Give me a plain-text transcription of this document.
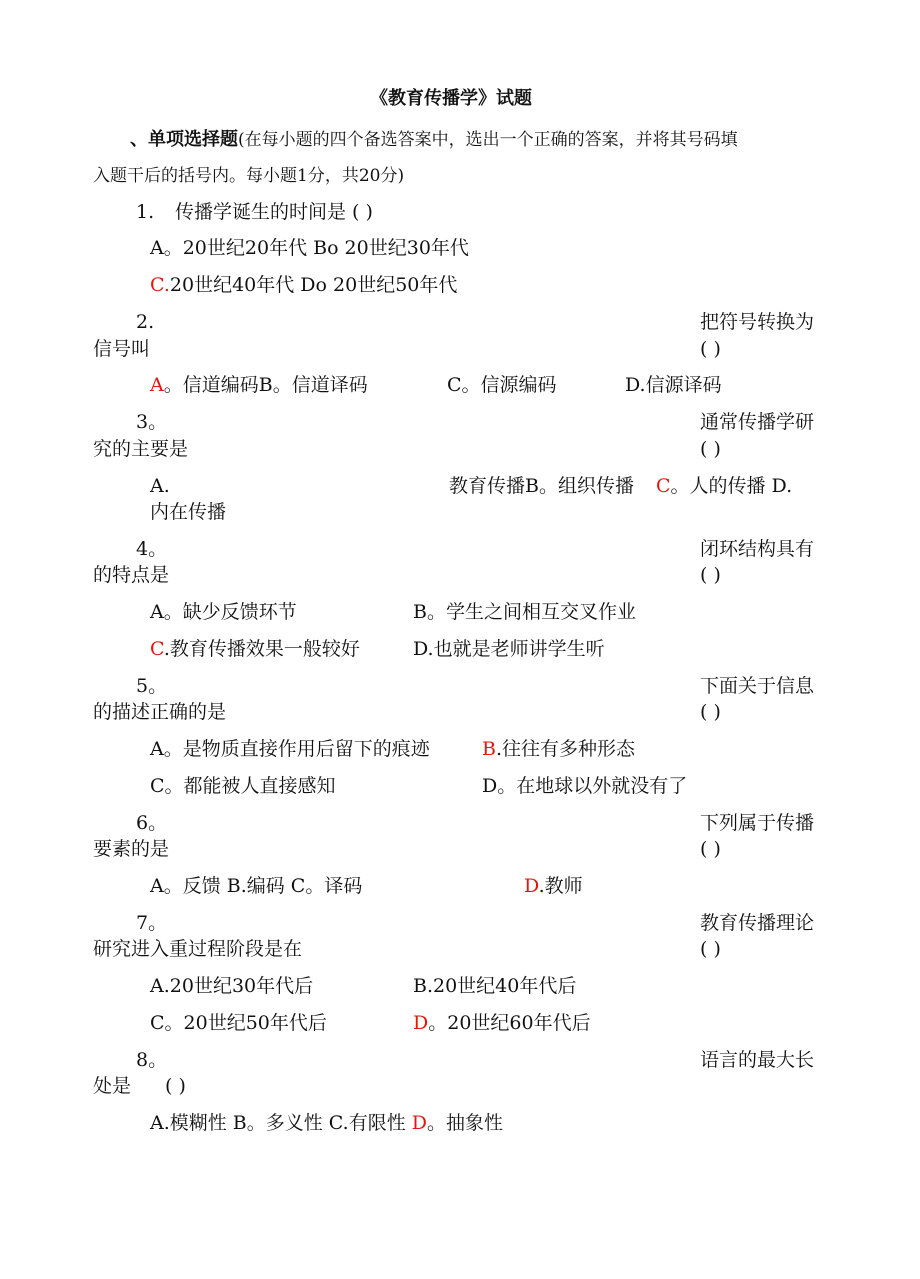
《教育传播学》试题
、单项选择题(在每小题的四个备选答案中，选出一个正确的答案，并将其号码填
入题干后的括号内。每小题1分，共20分)
1. 传播学诞生的时间是 ( )
A。20世纪20年代 Bo 20世纪30年代
C.20世纪40年代 Do 20世纪50年代
2.	把符号转换为
信号叫	( )
A。信道编码B。信道译码	C。信源编码	D.信源译码
3。	通常传播学研
究的主要是	( )
A.	教育传播B。组织传播 C。人的传播 D.
内在传播
4。	闭环结构具有
的特点是	( )
A。缺少反馈环节	B。学生之间相互交叉作业
C.教育传播效果一般较好	D.也就是老师讲学生听
5。	下面关于信息
的描述正确的是	( )
A。是物质直接作用后留下的痕迹	B.往往有多种形态
C。都能被人直接感知	D。在地球以外就没有了
6。	下列属于传播
要素的是	( )
A。反馈 B.编码 C。译码	D.教师
7。	教育传播理论
研究进入重过程阶段是在	( )
A.20世纪30年代后	B.20世纪40年代后
C。20世纪50年代后	D。20世纪60年代后
8。	语言的最大长
处是 ( )
A.模糊性 B。多义性 C.有限性 D。抽象性
